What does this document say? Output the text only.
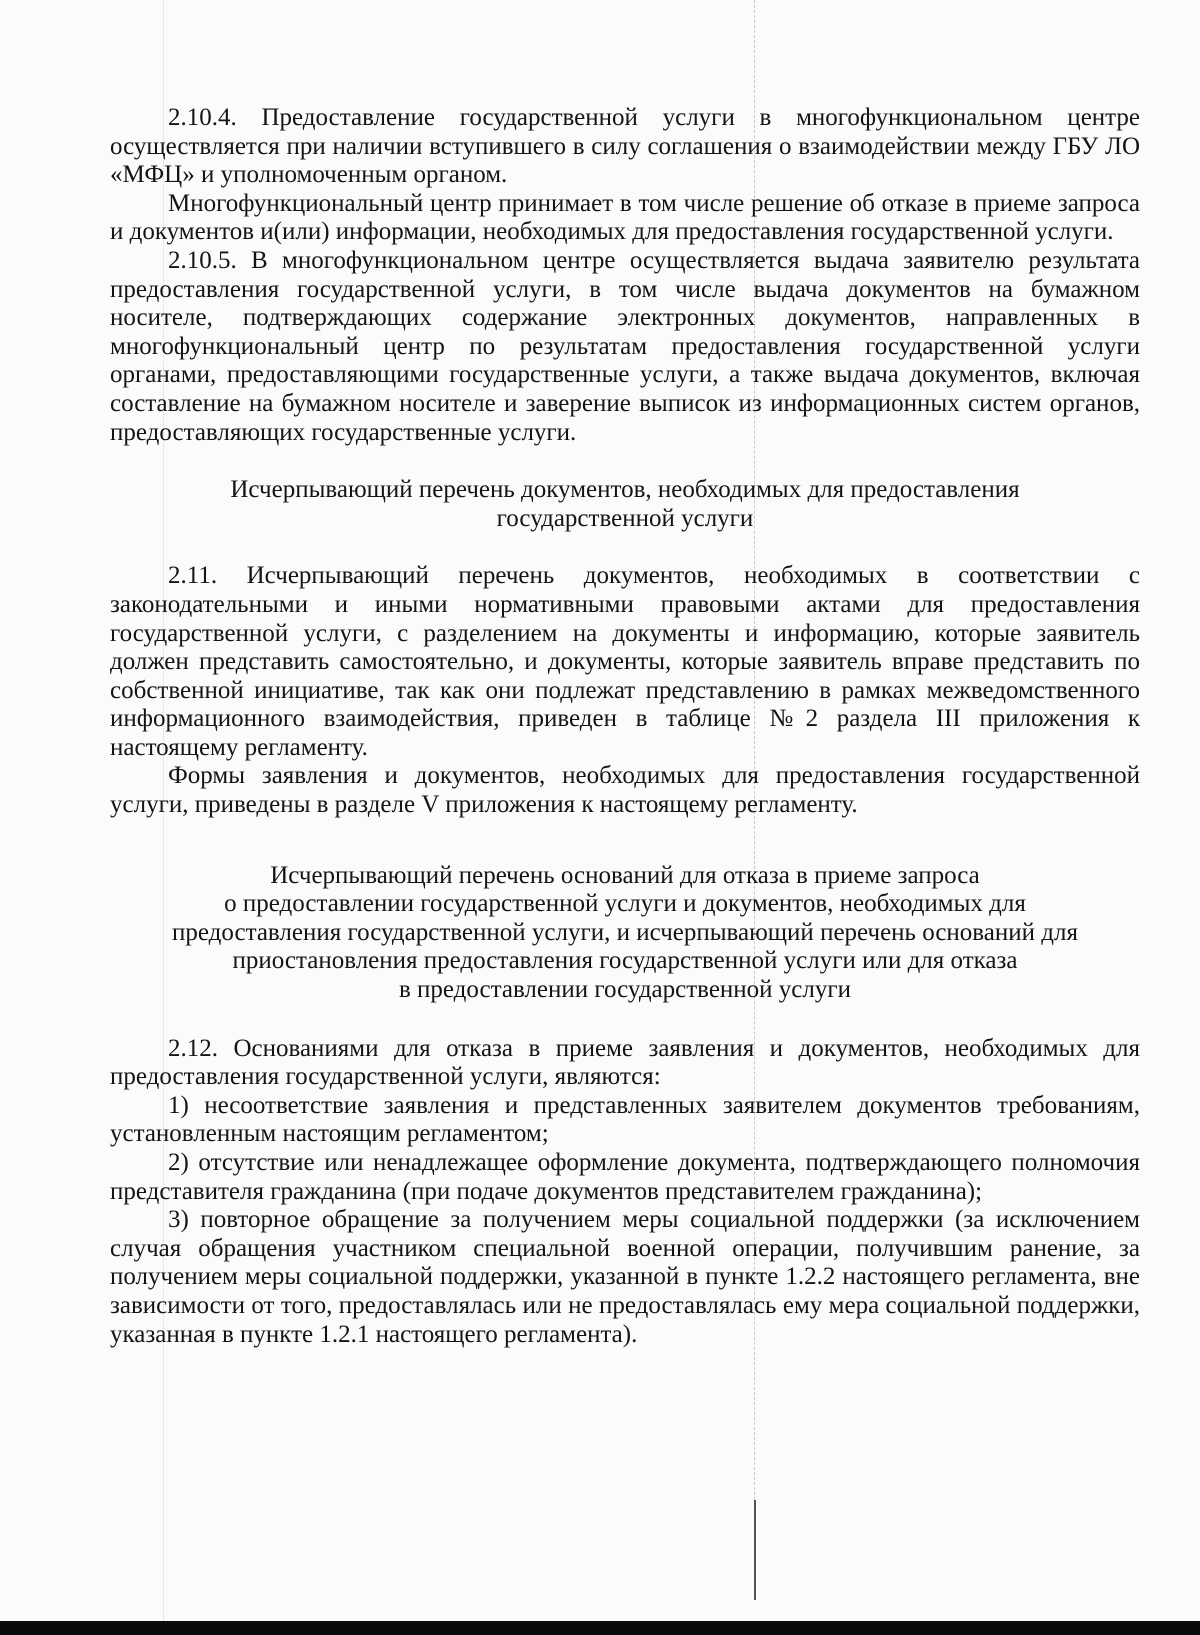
2.10.4. Предоставление государственной услуги в многофункциональном центре осуществляется при наличии вступившего в силу соглашения о взаимодействии между ГБУ ЛО «МФЦ» и уполномоченным органом.

Многофункциональный центр принимает в том числе решение об отказе в приеме запроса и документов и(или) информации, необходимых для предоставления государственной услуги.

2.10.5. В многофункциональном центре осуществляется выдача заявителю результата предоставления государственной услуги, в том числе выдача документов на бумажном носителе, подтверждающих содержание электронных документов, направленных в многофункциональный центр по результатам предоставления государственной услуги органами, предоставляющими государственные услуги, а также выдача документов, включая составление на бумажном носителе и заверение выписок из информационных систем органов, предоставляющих государственные услуги.

Исчерпывающий перечень документов, необходимых для предоставления
государственной услуги

2.11. Исчерпывающий перечень документов, необходимых в соответствии с законодательными и иными нормативными правовыми актами для предоставления государственной услуги, с разделением на документы и информацию, которые заявитель должен представить самостоятельно, и документы, которые заявитель вправе представить по собственной инициативе, так как они подлежат представлению в рамках межведомственного информационного взаимодействия, приведен в таблице №2 раздела III приложения к настоящему регламенту.

Формы заявления и документов, необходимых для предоставления государственной услуги, приведены в разделе V приложения к настоящему регламенту.

Исчерпывающий перечень оснований для отказа в приеме запроса
о предоставлении государственной услуги и документов, необходимых для
предоставления государственной услуги, и исчерпывающий перечень оснований для
приостановления предоставления государственной услуги или для отказа
в предоставлении государственной услуги

2.12. Основаниями для отказа в приеме заявления и документов, необходимых для предоставления государственной услуги, являются:

1) несоответствие заявления и представленных заявителем документов требованиям, установленным настоящим регламентом;

2) отсутствие или ненадлежащее оформление документа, подтверждающего полномочия представителя гражданина (при подаче документов представителем гражданина);

3) повторное обращение за получением меры социальной поддержки (за исключением случая обращения участником специальной военной операции, получившим ранение, за получением меры социальной поддержки, указанной в пункте 1.2.2 настоящего регламента, вне зависимости от того, предоставлялась или не предоставлялась ему мера социальной поддержки, указанная в пункте 1.2.1 настоящего регламента).
